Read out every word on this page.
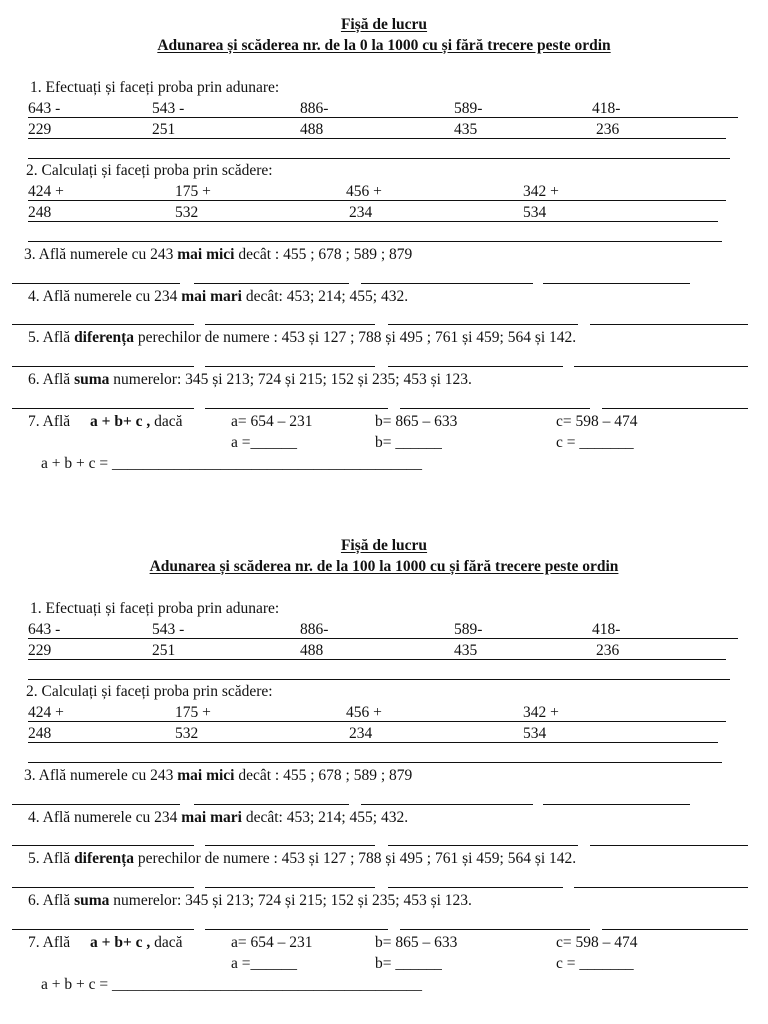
Fișă de lucru
Adunarea și scăderea nr. de la 0 la 1000 cu și fără trecere peste ordin
1. Efectuați și faceți proba prin adunare:
643 -	543 -	886-	589-	418-
229	251	488	435	236
2. Calculați și faceți proba prin scădere:
424 +	175 +	456 +	342 +
248	532	234	534
3. Află numerele cu 243 mai mici decât : 455 ; 678 ; 589 ; 879
4. Află numerele cu 234 mai mari decât: 453; 214; 455; 432.
5. Află diferența perechilor de numere : 453 și 127 ; 788 și 495 ; 761 și 459; 564 și 142.
6. Află suma numerelor: 345 și 213; 724 și 215; 152 și 235; 453 și 123.
7. Află a + b+ c , dacă	a= 654 – 231	b= 865 – 633	c= 598 – 474
a =______	b= ______	c = _______
a + b + c = ________________________________________
Fișă de lucru
Adunarea și scăderea nr. de la 100 la 1000 cu și fără trecere peste ordin
1. Efectuați și faceți proba prin adunare:
643 -	543 -	886-	589-	418-
229	251	488	435	236
2. Calculați și faceți proba prin scădere:
424 +	175 +	456 +	342 +
248	532	234	534
3. Află numerele cu 243 mai mici decât : 455 ; 678 ; 589 ; 879
4. Află numerele cu 234 mai mari decât: 453; 214; 455; 432.
5. Află diferența perechilor de numere : 453 și 127 ; 788 și 495 ; 761 și 459; 564 și 142.
6. Află suma numerelor: 345 și 213; 724 și 215; 152 și 235; 453 și 123.
7. Află a + b+ c , dacă	a= 654 – 231	b= 865 – 633	c= 598 – 474
a =______	b= ______	c = _______
a + b + c = ________________________________________
